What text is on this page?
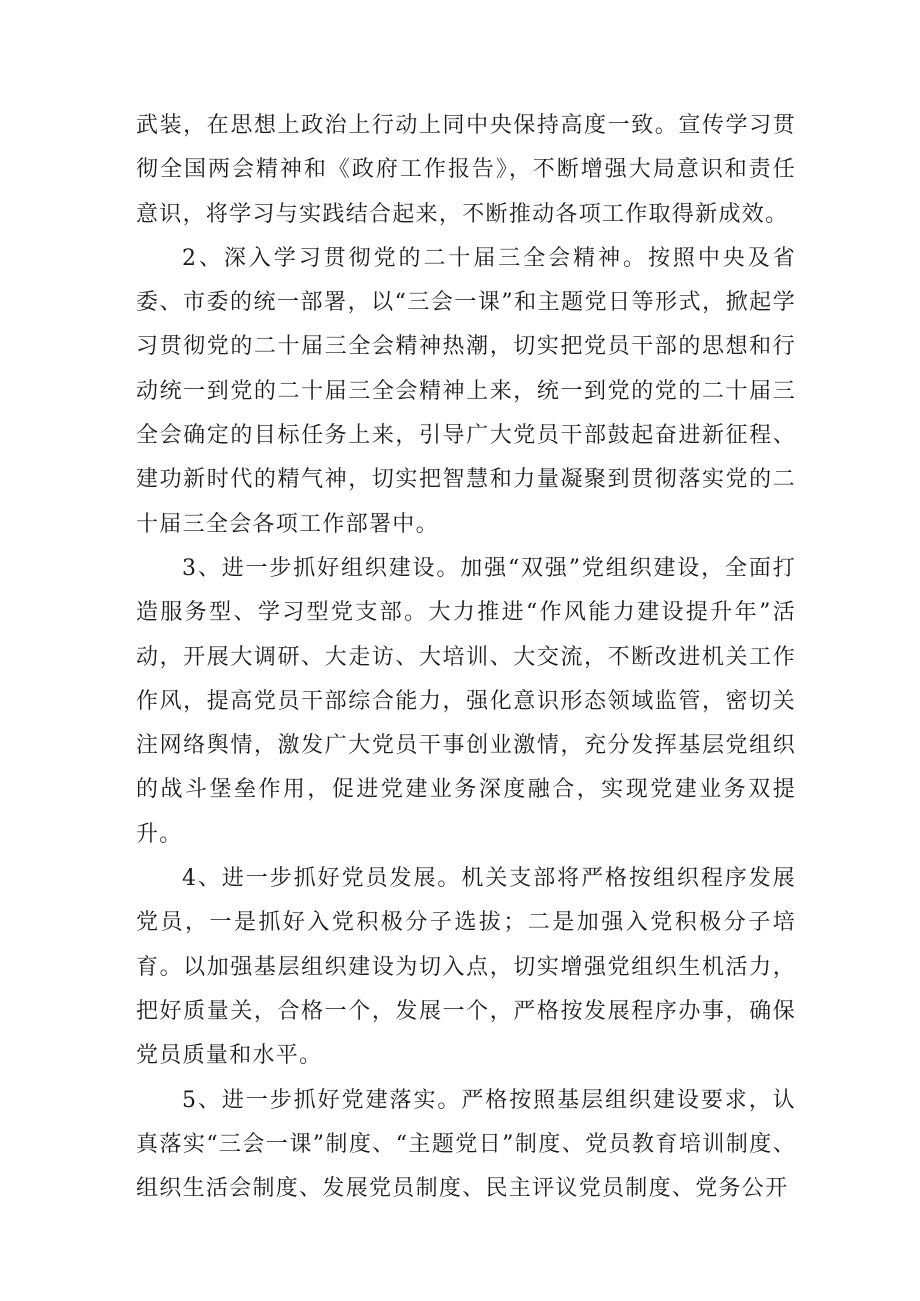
武装，在思想上政治上行动上同中央保持高度一致。宣传学习贯彻全国两会精神和《政府工作报告》，不断增强大局意识和责任意识，将学习与实践结合起来，不断推动各项工作取得新成效。

2、深入学习贯彻党的二十届三全会精神。按照中央及省委、市委的统一部署，以“三会一课”和主题党日等形式，掀起学习贯彻党的二十届三全会精神热潮，切实把党员干部的思想和行动统一到党的二十届三全会精神上来，统一到党的党的二十届三全会确定的目标任务上来，引导广大党员干部鼓起奋进新征程、建功新时代的精气神，切实把智慧和力量凝聚到贯彻落实党的二十届三全会各项工作部署中。

3、进一步抓好组织建设。加强“双强”党组织建设，全面打造服务型、学习型党支部。大力推进“作风能力建设提升年”活动，开展大调研、大走访、大培训、大交流，不断改进机关工作作风，提高党员干部综合能力，强化意识形态领域监管，密切关注网络舆情，激发广大党员干事创业激情，充分发挥基层党组织的战斗堡垒作用，促进党建业务深度融合，实现党建业务双提升。

4、进一步抓好党员发展。机关支部将严格按组织程序发展党员，一是抓好入党积极分子选拔；二是加强入党积极分子培育。以加强基层组织建设为切入点，切实增强党组织生机活力，把好质量关，合格一个，发展一个，严格按发展程序办事，确保党员质量和水平。

5、进一步抓好党建落实。严格按照基层组织建设要求，认真落实“三会一课”制度、“主题党日”制度、党员教育培训制度、组织生活会制度、发展党员制度、民主评议党员制度、党务公开
